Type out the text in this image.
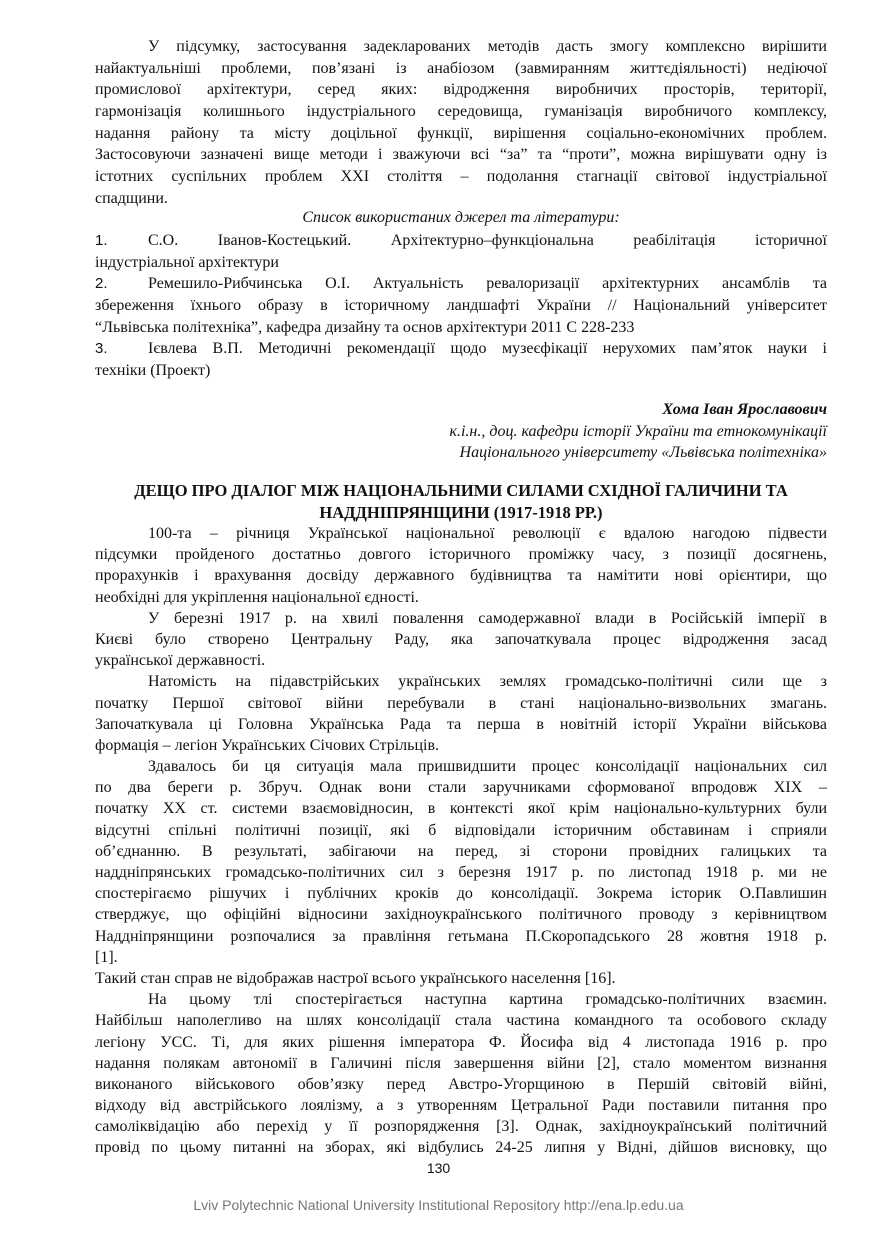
У підсумку, застосування задекларованих методів дасть змогу комплексно вирішити
найактуальніші проблеми, пов’язані із анабіозом (завмиранням життєдіяльності) недіючої
промислової архітектури, серед яких: відродження виробничих просторів, території,
гармонізація колишнього індустріального середовища, гуманізація виробничого комплексу,
надання району та місту доцільної функції, вирішення соціально-економічних проблем.
Застосовуючи зазначені вище методи і зважуючи всі “за” та “проти”, можна вирішувати одну із
істотних суспільних проблем XXI століття – подолання стагнації світової індустріальної
спадщини.
Список використаних джерел та літератури:
1.	С.О. Іванов-Костецький. Архітектурно–функціональна реабілітація історичної
індустріальної архітектури
2.	Ремешило-Рибчинська О.І. Актуальність ревалоризації архітектурних ансамблів та
збереження їхнього образу в історичному ландшафті України // Національний університет
“Львівська політехніка”, кафедра дизайну та основ архітектури 2011 С 228-233
3.	Ієвлева В.П. Методичні рекомендації щодо музеєфікації нерухомих пам’яток науки і
техніки (Проект)
Хома Іван Ярославович
к.і.н., доц. кафедри історії України та етнокомунікації
Національного університету «Львівська політехніка»
ДЕЩО ПРО ДІАЛОГ МІЖ НАЦІОНАЛЬНИМИ СИЛАМИ СХІДНОЇ ГАЛИЧИНИ ТА
НАДДНІПРЯНЩИНИ (1917-1918 РР.)
100-та – річниця Української національної революції є вдалою нагодою підвести
підсумки пройденого достатньо довгого історичного проміжку часу, з позиції досягнень,
прорахунків і врахування досвіду державного будівництва та намітити нові орієнтири, що
необхідні для укріплення національної єдності.
У березні 1917 р. на хвилі повалення самодержавної влади в Російській імперії в
Києві було створено Центральну Раду, яка започаткувала процес відродження засад
української державності.
Натомість на підавстрійських українських землях громадсько-політичні сили ще з
початку Першої світової війни перебували в стані національно-визвольних змагань.
Започаткувала ці Головна Українська Рада та перша в новітній історії України військова
формація – легіон Українських Січових Стрільців.
Здавалось би ця ситуація мала пришвидшити процес консолідації національних сил
по два береги р. Збруч. Однак вони стали заручниками сформованої впродовж XIX –
початку XX ст. системи взаємовідносин, в контексті якої крім національно-культурних були
відсутні спільні політичні позиції, які б відповідали історичним обставинам і сприяли
об’єднанню. В результаті, забігаючи на перед, зі сторони провідних галицьких та
наддніпрянських громадсько-політичних сил з березня 1917 р. по листопад 1918 р. ми не
спостерігаємо рішучих і публічних кроків до консолідації. Зокрема історик О.Павлишин
стверджує, що офіційні відносини західноукраїнського політичного проводу з керівництвом
Наддніпрянщини розпочалися за правління гетьмана П.Скоропадського 28 жовтня 1918 р.
[1].
Такий стан справ не відображав настрої всього українського населення [16].
На цьому тлі спостерігається наступна картина громадсько-політичних взаємин.
Найбільш наполегливо на шлях консолідації стала частина командного та особового складу
легіону УСС. Ті, для яких рішення імператора Ф. Йосифа від 4 листопада 1916 р. про
надання полякам автономії в Галичині після завершення війни [2], стало моментом визнання
виконаного військового обов’язку перед Австро-Угорщиною в Першій світовій війні,
відходу від австрійського лоялізму, а з утворенням Цетральної Ради поставили питання про
самоліквідацію або перехід у її розпорядження [3]. Однак, західноукраїнський політичний
провід по цьому питанні на зборах, які відбулись 24-25 липня у Відні, дійшов висновку, що
130
Lviv Polytechnic National University Institutional Repository http://ena.lp.edu.ua
